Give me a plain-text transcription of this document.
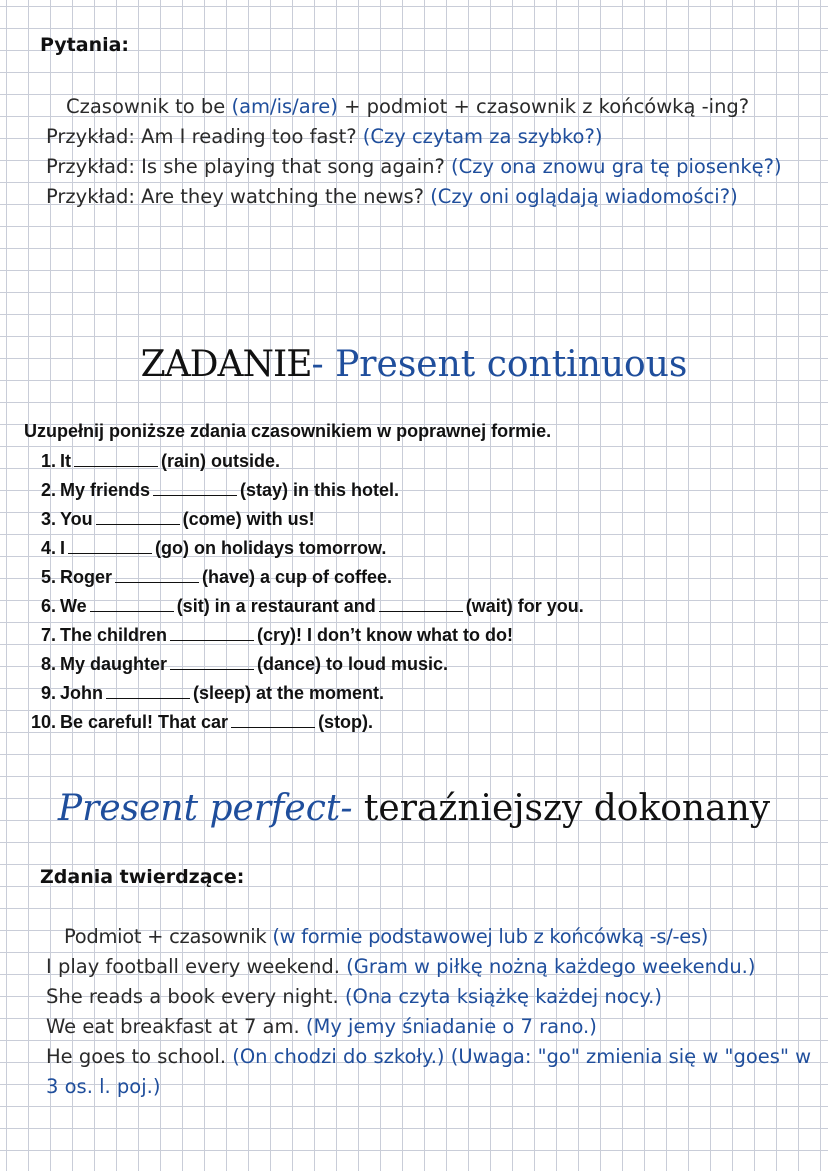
Pytania:
Czasownik to be (am/is/are) + podmiot + czasownik z końcówką -ing?
Przykład: Am I reading too fast? (Czy czytam za szybko?)
Przykład: Is she playing that song again? (Czy ona znowu gra tę piosenkę?)
Przykład: Are they watching the news? (Czy oni oglądają wiadomości?)
ZADANIE- Present continuous
Uzupełnij poniższe zdania czasownikiem w poprawnej formie.
1. It	(rain) outside.
2. My friends	(stay) in this hotel.
3. You	(come) with us!
4. I	(go) on holidays tomorrow.
5. Roger	(have) a cup of coffee.
6. We	(sit) in a restaurant and	(wait) for you.
7. The children	(cry)! I don’t know what to do!
8. My daughter	(dance) to loud music.
9. John	(sleep) at the moment.
10. Be careful! That car	(stop).
Present perfect- teraźniejszy dokonany
Zdania twierdzące:
Podmiot + czasownik (w formie podstawowej lub z końcówką -s/-es)
I play football every weekend. (Gram w piłkę nożną każdego weekendu.)
She reads a book every night. (Ona czyta książkę każdej nocy.)
We eat breakfast at 7 am. (My jemy śniadanie o 7 rano.)
He goes to school. (On chodzi do szkoły.) (Uwaga: "go" zmienia się w "goes" w 3 os. l. poj.)
